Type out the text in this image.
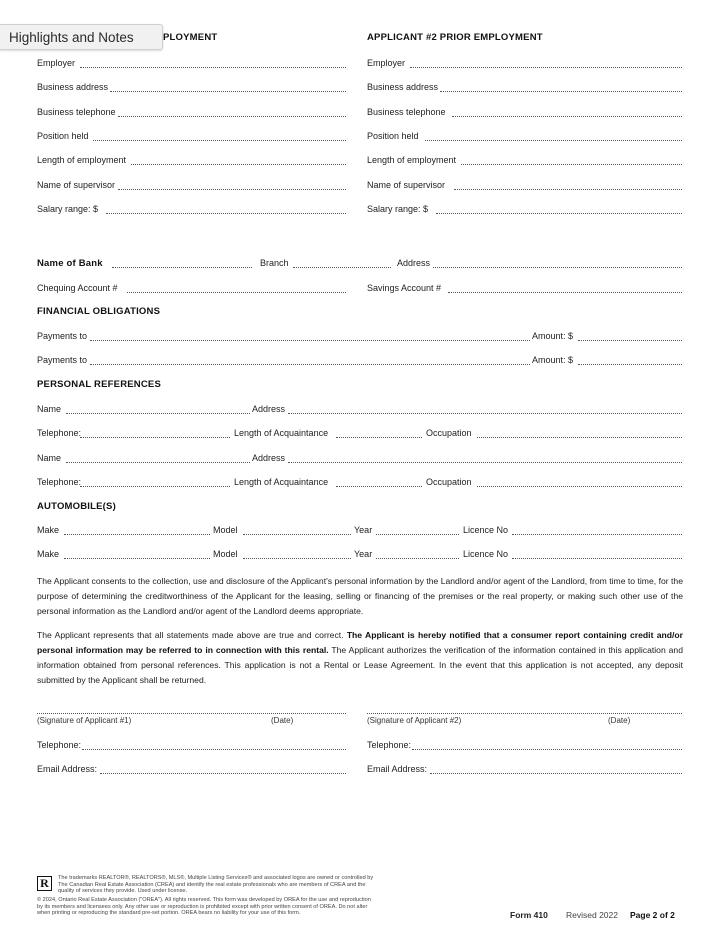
Highlights and Notes	PLOYMENT	APPLICANT #2 PRIOR EMPLOYMENT
Employer
Business address
Business telephone
Position held
Length of employment
Name of supervisor
Salary range: $
Employer
Business address
Business telephone
Position held
Length of employment
Name of supervisor
Salary range: $
Name of Bank	Branch	Address
Chequing Account #	Savings Account #
FINANCIAL OBLIGATIONS
Payments to	Amount: $
Payments to	Amount: $
PERSONAL REFERENCES
Name	Address
Telephone:	Length of Acquaintance	Occupation
Name	Address
Telephone:	Length of Acquaintance	Occupation
AUTOMOBILE(S)
Make	Model	Year	Licence No
Make	Model	Year	Licence No
The Applicant consents to the collection, use and disclosure of the Applicant's personal information by the Landlord and/or agent of the Landlord, from time to time, for the purpose of determining the creditworthiness of the Applicant for the leasing, selling or financing of the premises or the real property, or making such other use of the personal information as the Landlord and/or agent of the Landlord deems appropriate.
The Applicant represents that all statements made above are true and correct. The Applicant is hereby notified that a consumer report containing credit and/or personal information may be referred to in connection with this rental. The Applicant authorizes the verification of the information contained in this application and information obtained from personal references. This application is not a Rental or Lease Agreement. In the event that this application is not accepted, any deposit submitted by the Applicant shall be returned.
(Signature of Applicant #1)	(Date)	(Signature of Applicant #2)	(Date)
Telephone:	Telephone:
Email Address:	Email Address:
R	The trademarks REALTOR®, REALTORS®, MLS®, Multiple Listing Services® and associated logos are owned or controlled by
The Canadian Real Estate Association (CREA) and identify the real estate professionals who are members of CREA and the
quality of services they provide. Used under license.
© 2024, Ontario Real Estate Association ("OREA"). All rights reserved. This form was developed by OREA for the use and reproduction
by its members and licensees only. Any other use or reproduction is prohibited except with prior written consent of OREA. Do not alter
when printing or reproducing the standard pre-set portion. OREA bears no liability for your use of this form.	Form 410 Revised 2022 Page 2 of 2
